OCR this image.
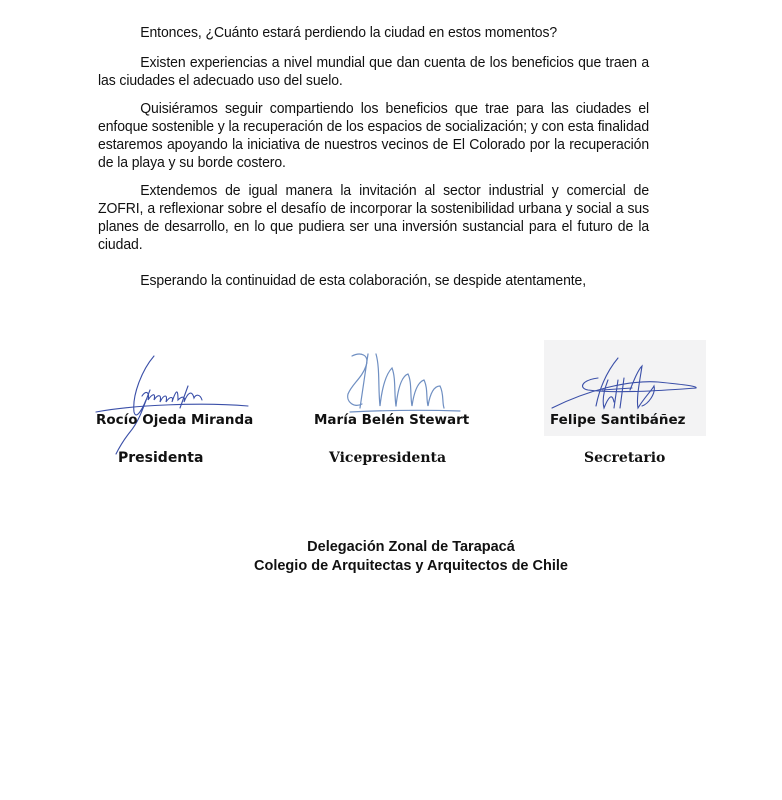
Entonces, ¿Cuánto estará perdiendo la ciudad en estos momentos?

Existen experiencias a nivel mundial que dan cuenta de los beneficios que traen a las ciudades el adecuado uso del suelo.

Quisiéramos seguir compartiendo los beneficios que trae para las ciudades el enfoque sostenible y la recuperación de los espacios de socialización; y con esta finalidad estaremos apoyando la iniciativa de nuestros vecinos de El Colorado por la recuperación de la playa y su borde costero.

Extendemos de igual manera la invitación al sector industrial y comercial de ZOFRI, a reflexionar sobre el desafío de incorporar la sostenibilidad urbana y social a sus planes de desarrollo, en lo que pudiera ser una inversión sustancial para el futuro de la ciudad.

Esperando la continuidad de esta colaboración, se despide atentamente,

Rocío Ojeda Miranda
Presidenta
María Belén Stewart
Vicepresidenta
Felipe Santibáñez
Secretario
Delegación Zonal de Tarapacá
Colegio de Arquitectas y Arquitectos de Chile
